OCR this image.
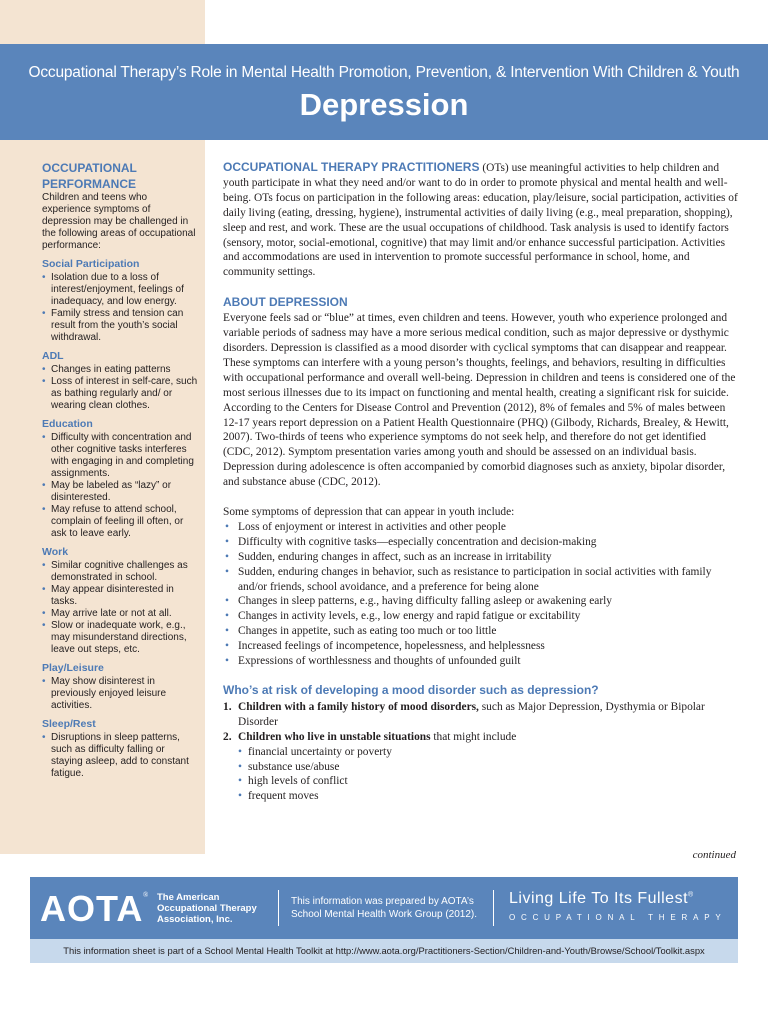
Occupational Therapy’s Role in Mental Health Promotion, Prevention, & Intervention With Children & Youth
Depression
OCCUPATIONAL
PERFORMANCE

Children and teens who experience symptoms of depression may be challenged in the following areas of occupational performance:

Social Participation
• Isolation due to a loss of interest/enjoyment, feelings of inadequacy, and low energy.
• Family stress and tension can result from the youth’s social withdrawal.
ADL
• Changes in eating patterns
• Loss of interest in self-care, such as bathing regularly and/ or wearing clean clothes.
Education
• Difficulty with concentration and other cognitive tasks interferes with engaging in and completing assignments.
• May be labeled as “lazy” or disinterested.
• May refuse to attend school, complain of feeling ill often, or ask to leave early.
Work
• Similar cognitive challenges as demonstrated in school.
• May appear disinterested in tasks.
• May arrive late or not at all.
• Slow or inadequate work, e.g., may misunderstand directions, leave out steps, etc.
Play/Leisure
• May show disinterest in previously enjoyed leisure activities.
Sleep/Rest
• Disruptions in sleep patterns, such as difficulty falling or staying asleep, add to constant fatigue.

OCCUPATIONAL THERAPY PRACTITIONERS (OTs) use meaningful activities to help children and youth participate in what they need and/or want to do in order to promote physical and mental health and well-being. OTs focus on participation in the following areas: education, play/leisure, social participation, activities of daily living (eating, dressing, hygiene), instrumental activities of daily living (e.g., meal preparation, shopping), sleep and rest, and work. These are the usual occupations of childhood. Task analysis is used to identify factors (sensory, motor, social-emotional, cognitive) that may limit and/or enhance successful participation. Activities and accommodations are used in intervention to promote successful performance in school, home, and community settings.

ABOUT DEPRESSION

Everyone feels sad or “blue” at times, even children and teens. However, youth who experience prolonged and variable periods of sadness may have a more serious medical condition, such as major depressive or dysthymic disorders. Depression is classified as a mood disorder with cyclical symptoms that can disappear and reappear. These symptoms can interfere with a young person’s thoughts, feelings, and behaviors, resulting in difficulties with occupational performance and overall well-being. Depression in children and teens is considered one of the most serious illnesses due to its impact on functioning and mental health, creating a significant risk for suicide. According to the Centers for Disease Control and Prevention (2012), 8% of females and 5% of males between 12-17 years report depression on a Patient Health Questionnaire (PHQ) (Gilbody, Richards, Brealey, & Hewitt, 2007). Two-thirds of teens who experience symptoms do not seek help, and therefore do not get identified (CDC, 2012). Symptom presentation varies among youth and should be assessed on an individual basis. Depression during adolescence is often accompanied by comorbid diagnoses such as anxiety, bipolar disorder, and substance abuse (CDC, 2012).

Some symptoms of depression that can appear in youth include:

• Loss of enjoyment or interest in activities and other people
• Difficulty with cognitive tasks—especially concentration and decision-making
• Sudden, enduring changes in affect, such as an increase in irritability
• Sudden, enduring changes in behavior, such as resistance to participation in social activities with family and/or friends, school avoidance, and a preference for being alone
• Changes in sleep patterns, e.g., having difficulty falling asleep or awakening early
• Changes in activity levels, e.g., low energy and rapid fatigue or excitability
• Changes in appetite, such as eating too much or too little
• Increased feelings of incompetence, hopelessness, and helplessness
• Expressions of worthlessness and thoughts of unfounded guilt
Who’s at risk of developing a mood disorder such as depression?
1. Children with a family history of mood disorders, such as Major Depression, Dysthymia or Bipolar Disorder
2. Children who live in unstable situations that might include
• financial uncertainty or poverty
• substance use/abuse
• high levels of conflict
• frequent moves
continued
AOTA ® The American
Occupational Therapy
Association, Inc.
This information was prepared by AOTA’s
School Mental Health Work Group (2012).
Living Life To Its Fullest®
OCCUPATIONAL THERAPY
This information sheet is part of a School Mental Health Toolkit at http://www.aota.org/Practitioners-Section/Children-and-Youth/Browse/School/Toolkit.aspx
